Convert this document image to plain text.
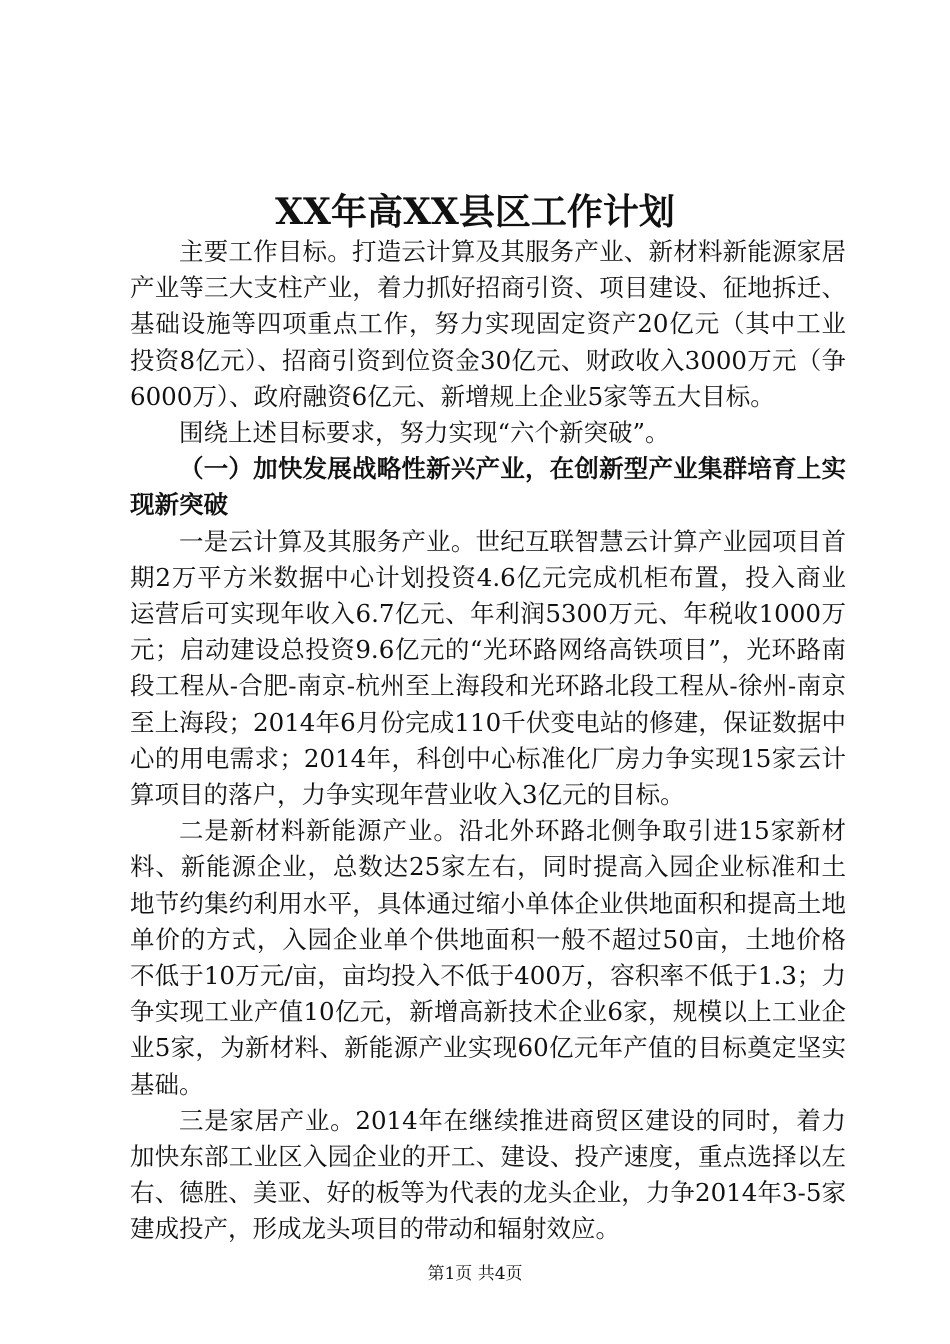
XX年高XX县区工作计划

主要工作目标。打造云计算及其服务产业、新材料新能源家居产业等三大支柱产业，着力抓好招商引资、项目建设、征地拆迁、基础设施等四项重点工作，努力实现固定资产20亿元（其中工业投资8亿元）、招商引资到位资金30亿元、财政收入3000万元（争6000万）、政府融资6亿元、新增规上企业5家等五大目标。

围绕上述目标要求，努力实现“六个新突破”。

（一）加快发展战略性新兴产业，在创新型产业集群培育上实现新突破

一是云计算及其服务产业。世纪互联智慧云计算产业园项目首期2万平方米数据中心计划投资4.6亿元完成机柜布置，投入商业运营后可实现年收入6.7亿元、年利润5300万元、年税收1000万元；启动建设总投资9.6亿元的“光环路网络高铁项目”，光环路南段工程从-合肥-南京-杭州至上海段和光环路北段工程从-徐州-南京至上海段；2014年6月份完成110千伏变电站的修建，保证数据中心的用电需求；2014年，科创中心标准化厂房力争实现15家云计算项目的落户，力争实现年营业收入3亿元的目标。

二是新材料新能源产业。沿北外环路北侧争取引进15家新材料、新能源企业，总数达25家左右，同时提高入园企业标准和土地节约集约利用水平，具体通过缩小单体企业供地面积和提高土地单价的方式，入园企业单个供地面积一般不超过50亩，土地价格不低于10万元/亩，亩均投入不低于400万，容积率不低于1.3；力争实现工业产值10亿元，新增高新技术企业6家，规模以上工业企业5家，为新材料、新能源产业实现60亿元年产值的目标奠定坚实基础。

三是家居产业。2014年在继续推进商贸区建设的同时，着力加快东部工业区入园企业的开工、建设、投产速度，重点选择以左右、德胜、美亚、好的板等为代表的龙头企业，力争2014年3-5家建成投产，形成龙头项目的带动和辐射效应。

第1页 共4页
